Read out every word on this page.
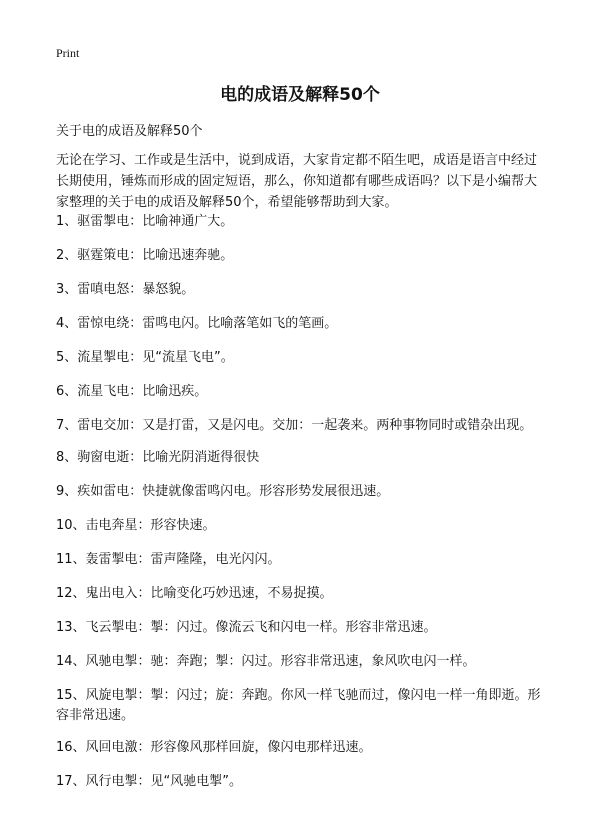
Print
电的成语及解释50个
关于电的成语及解释50个
无论在学习、工作或是生活中，说到成语，大家肯定都不陌生吧，成语是语言中经过长期使用，锤炼而形成的固定短语，那么，你知道都有哪些成语吗？以下是小编帮大家整理的关于电的成语及解释50个，希望能够帮助到大家。
1、驱雷掣电：比喻神通广大。
2、驱霆策电：比喻迅速奔驰。
3、雷嗔电怒：暴怒貌。
4、雷惊电绕：雷鸣电闪。比喻落笔如飞的笔画。
5、流星掣电：见“流星飞电”。
6、流星飞电：比喻迅疾。
7、雷电交加：又是打雷，又是闪电。交加：一起袭来。两种事物同时或错杂出现。
8、驹窗电逝：比喻光阴消逝得很快
9、疾如雷电：快捷就像雷鸣闪电。形容形势发展很迅速。
10、击电奔星：形容快速。
11、轰雷掣电：雷声隆隆，电光闪闪。
12、鬼出电入：比喻变化巧妙迅速，不易捉摸。
13、飞云掣电：掣：闪过。像流云飞和闪电一样。形容非常迅速。
14、风驰电掣：驰：奔跑；掣：闪过。形容非常迅速，象风吹电闪一样。
15、风旋电掣：掣：闪过；旋：奔跑。你风一样飞驰而过，像闪电一样一角即逝。形容非常迅速。
16、风回电激：形容像风那样回旋，像闪电那样迅速。
17、风行电掣：见“风驰电掣”。
